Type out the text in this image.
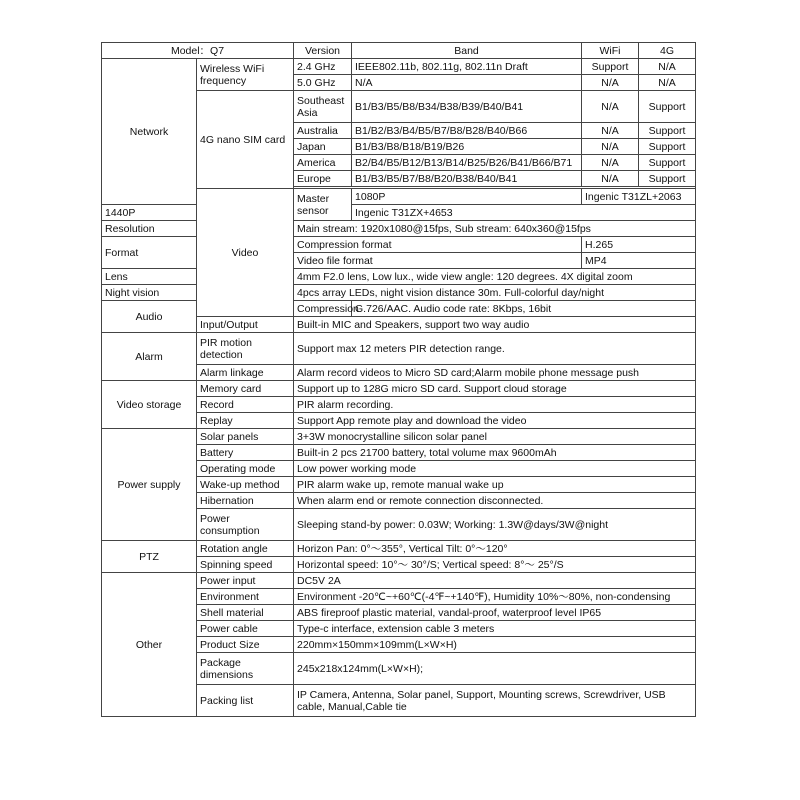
Model：Q7		Version	Band	WiFi	4G
Network	Wireless WiFi frequency	2.4 GHz	IEEE802.11b, 802.11g, 802.11n Draft	Support	N/A
		5.0 GHz	N/A	N/A	N/A
	4G nano SIM card	Southeast Asia	B1/B3/B5/B8/B34/B38/B39/B40/B41	N/A	Support
		Australia	B1/B2/B3/B4/B5/B7/B8/B28/B40/B66	N/A	Support
		Japan	B1/B3/B8/B18/B19/B26	N/A	Support
		America	B2/B4/B5/B12/B13/B14/B25/B26/B41/B66/B71	N/A	Support
		Europe	B1/B3/B5/B7/B8/B20/B38/B40/B41	N/A	Support

	Video	Master sensor	1080P	Ingenic T31ZL+2063	
1440P			Ingenic T31ZX+4653		
Resolution		Main stream: 1920x1080@15fps, Sub stream: 640x360@15fps			
Format		Compression format		H.265	
		Video file format		MP4	
Lens		4mm F2.0 lens, Low lux., wide view angle: 120 degrees. 4X digital zoom			
Night vision		4pcs array LEDs, night vision distance 30m. Full-colorful day/night			
Audio		Compression	G.726/AAC. Audio code rate: 8Kbps, 16bit		
	Input/Output	Built-in MIC and Speakers, support two way audio			
Alarm	PIR motion detection	Support max 12 meters PIR detection range.			
	Alarm linkage	Alarm record videos to Micro SD card;Alarm mobile phone message push			
Video storage	Memory card	Support up to 128G micro SD card. Support cloud storage			
	Record	PIR alarm recording.			
	Replay	Support App remote play and download the video			
Power supply	Solar panels	3+3W monocrystalline silicon solar panel			
	Battery	Built-in 2 pcs 21700 battery, total volume max 9600mAh			
	Operating mode	Low power working mode			
	Wake-up method	PIR alarm wake up, remote manual wake up			
	Hibernation	When alarm end or remote connection disconnected.			
	Power consumption	Sleeping stand-by power: 0.03W; Working: 1.3W@days/3W@night			
PTZ	Rotation angle	Horizon Pan: 0°～355°, Vertical Tilt: 0°～120°			
	Spinning speed	Horizontal speed: 10°～ 30°/S; Vertical speed: 8°～ 25°/S			
Other	Power input	DC5V 2A			
	Environment	Environment -20℃~+60℃(-4℉~+140℉), Humidity 10%～80%, non-condensing			
	Shell material	ABS fireproof plastic material, vandal-proof, waterproof level IP65			
	Power cable	Type-c interface, extension cable 3 meters			
	Product Size	220mm×150mm×109mm(L×W×H)			
	Package dimensions	245x218x124mm(L×W×H);			
	Packing list	IP Camera, Antenna, Solar panel, Support, Mounting screws, Screwdriver, USB cable, Manual,Cable tie			
